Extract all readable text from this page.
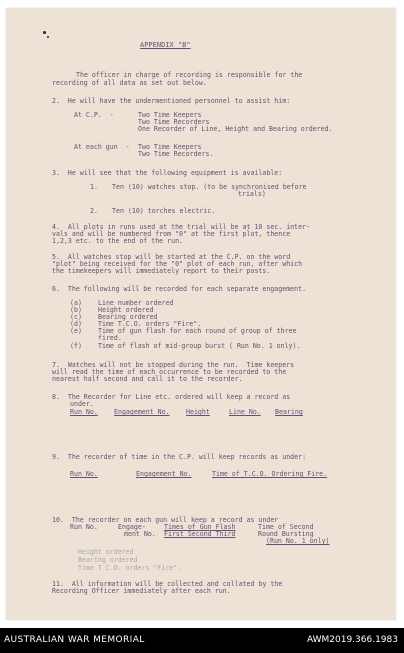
APPENDIX "B"
The officer in charge of recording is responsible for the
recording of all data as set out below.
2.  He will have the undermentioned personnel to assist him:
At C.P.  -	Two Time Keepers
Two Time Recorders
One Recorder of Line, Height and Bearing ordered.
At each gun  - Two Time Keepers
Two Time Recorders.
3.  He will see that the following equipment is available:
1. Ten (10) watches stop. (to be synchronised before
trials)
2. Ten (10) torches electric.
4.  All plots in runs used at the trial will be at 10 sec. inter-
vals and will be numbered from "0" at the first plot, thence
1,2,3 etc. to the end of the run.
5.  All watches stop will be started at the C.P. on the word
"plot" being received for the "0" plot of each run, after which
the timekeepers will immediately report to their posts.
6.  The following will be recorded for each separate engagement.
(a) Line number ordered
(b) Height ordered
(c) Bearing ordered
(d) Time T.C.O. orders "Fire".
(e) Time of gun flash for each round of group of three
fired.
(f) Time of flash of mid-group burst ( Run No. 1 only).
7.  Watches will not be stopped during the run.  Time keepers
will read the time of each occurrence to be recorded to the
nearest half second and call it to the recorder.
8.  The Recorder for Line etc. ordered will keep a record as
under.
Run No. Engagement No. Height	Line No. Bearing
9.  The recorder of time in the C.P. will keep records as under:
Run No.	Engagement No.	Time of T.C.O. Ordering Fire.
10.  The recorder on each gun will keep a record as under
Run No.	Engage-	Times of Gun Flash	Time of Second
ment No. First Second Third	Round Bursting
(Run No. 1 only)
Height ordered
Bearing ordered
Time T.C.O. orders "Fire".
11.  All information will be collected and collated by the
Recording Officer immediately after each run.
AUSTRALIAN WAR MEMORIAL	AWM2019.366.1983
